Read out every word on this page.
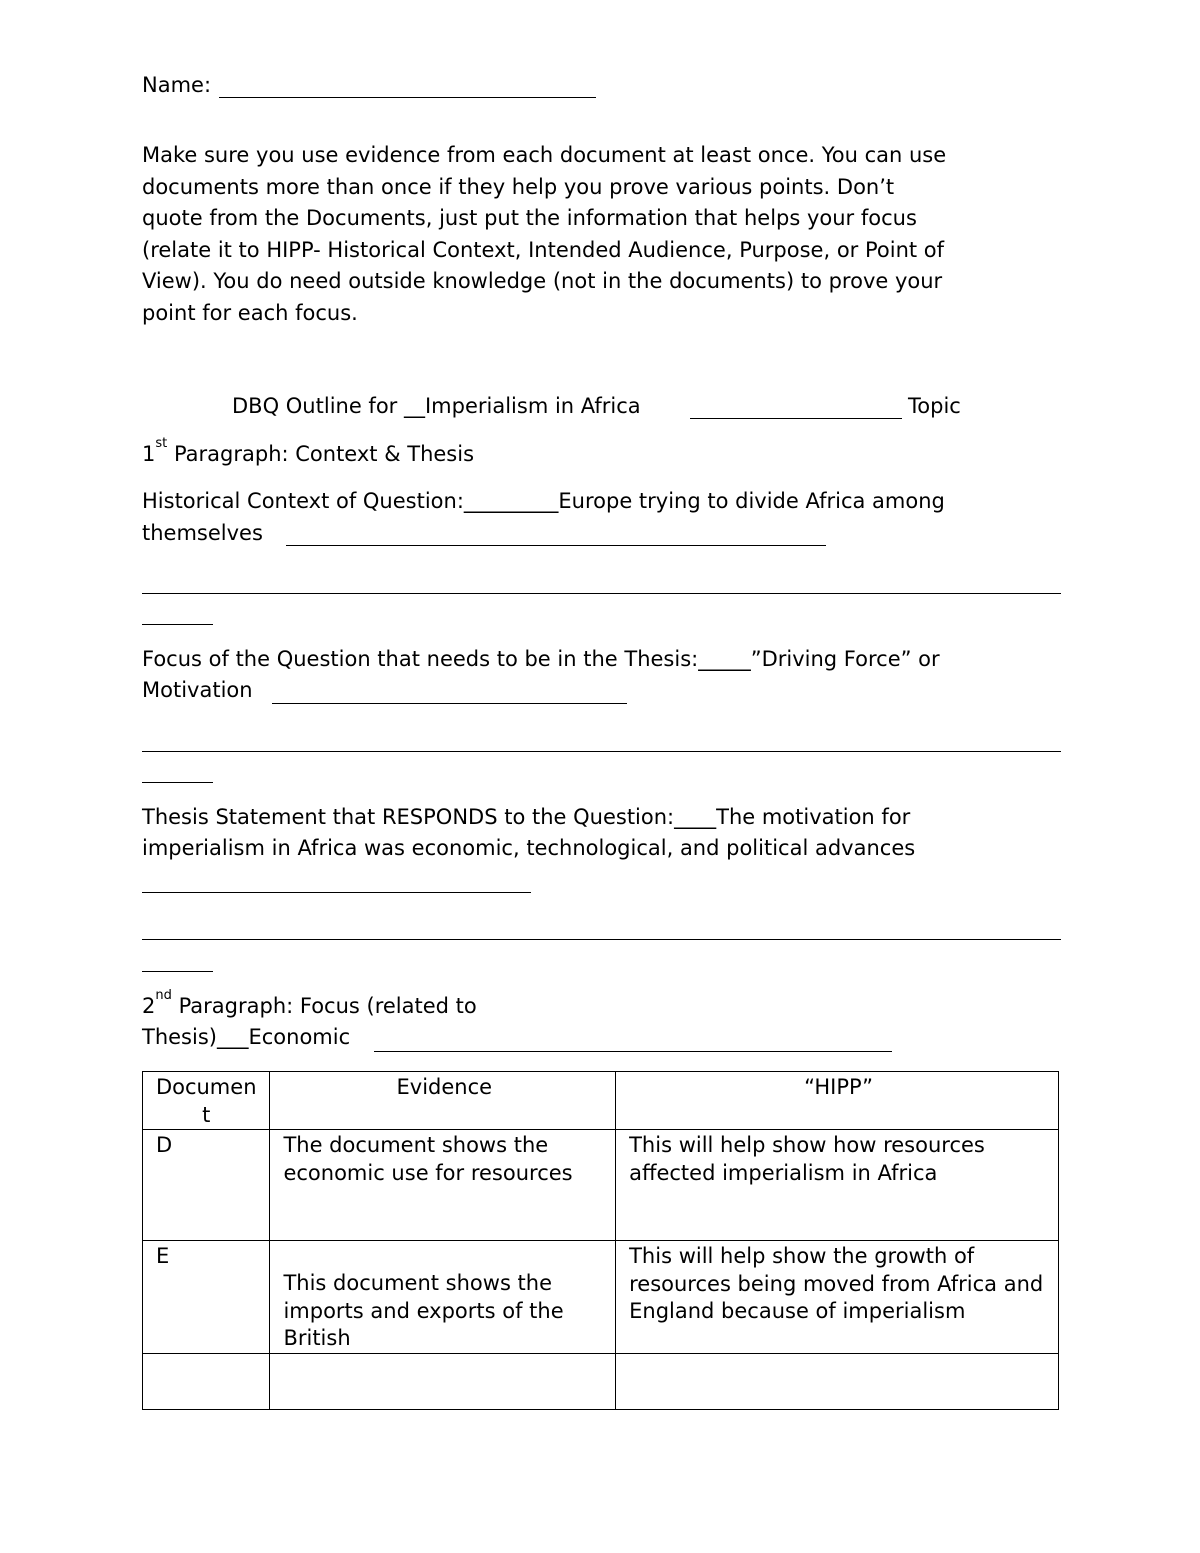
Name:
Make sure you use evidence from each document at least once. You can use
documents more than once if they help you prove various points. Don’t
quote from the Documents, just put the information that helps your focus
(relate it to HIPP- Historical Context, Intended Audience, Purpose, or Point of
View). You do need outside knowledge (not in the documents) to prove your
point for each focus.
DBQ Outline for __Imperialism in Africa	Topic
1st Paragraph: Context & Thesis
Historical Context of Question:_________Europe trying to divide Africa among
themselves
Focus of the Question that needs to be in the Thesis:_____”Driving Force” or
Motivation
Thesis Statement that RESPONDS to the Question:____The motivation for
imperialism in Africa was economic, technological, and political advances
2nd Paragraph: Focus (related to
Thesis)___Economic
Documen t	Evidence	“HIPP”
D	The document shows the economic use for resources	This will help show how resources affected imperialism in Africa
E	This document shows the imports and exports of the British	This will help show the growth of resources being moved from Africa and England because of imperialism
